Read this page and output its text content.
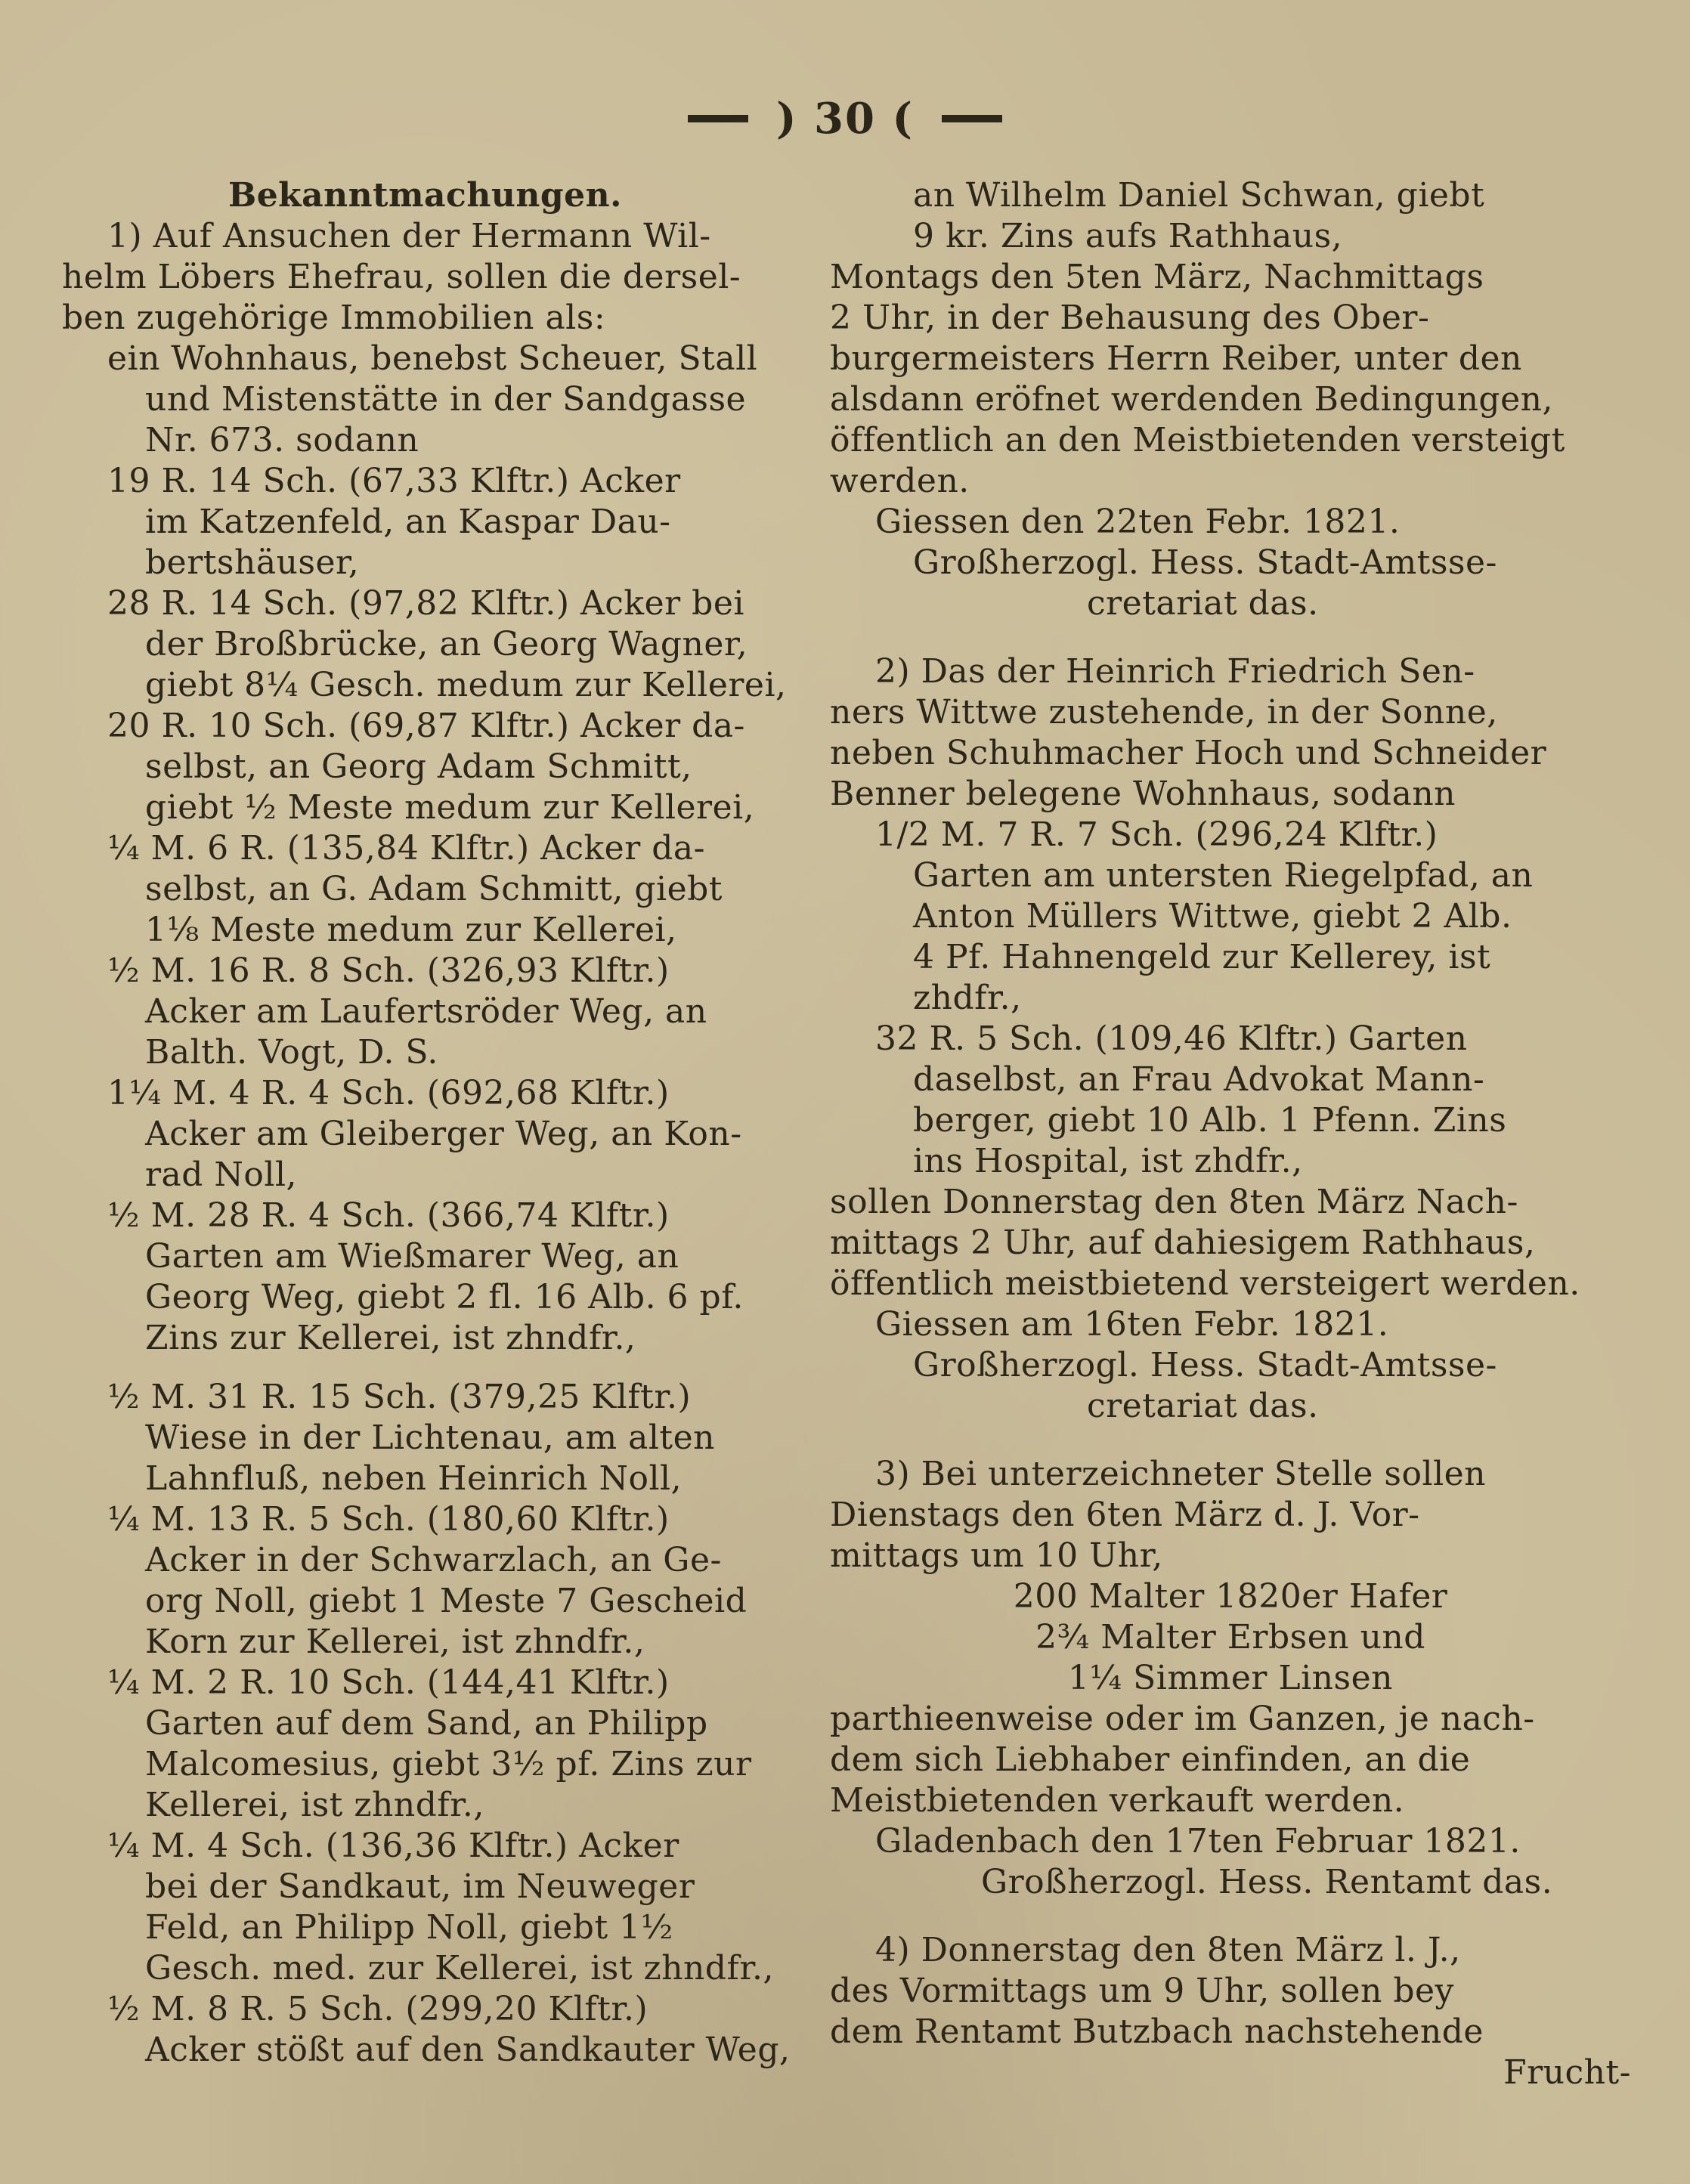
) 30 (
Bekanntmachungen.
1) Auf Ansuchen der Hermann Wil-
helm Löbers Ehefrau, sollen die dersel-
ben zugehörige Immobilien als:
ein Wohnhaus, benebst Scheuer, Stall
und Mistenstätte in der Sandgasse
Nr. 673. sodann
19 R. 14 Sch. (67,33 Klftr.) Acker
im Katzenfeld, an Kaspar Dau-
bertshäuser,
28 R. 14 Sch. (97,82 Klftr.) Acker bei
der Broßbrücke, an Georg Wagner,
giebt 8¼ Gesch. medum zur Kellerei,
20 R. 10 Sch. (69,87 Klftr.) Acker da-
selbst, an Georg Adam Schmitt,
giebt ½ Meste medum zur Kellerei,
¼ M. 6 R. (135,84 Klftr.) Acker da-
selbst, an G. Adam Schmitt, giebt
1⅛ Meste medum zur Kellerei,
½ M. 16 R. 8 Sch. (326,93 Klftr.)
Acker am Laufertsröder Weg, an
Balth. Vogt, D. S.
1¼ M. 4 R. 4 Sch. (692,68 Klftr.)
Acker am Gleiberger Weg, an Kon-
rad Noll,
½ M. 28 R. 4 Sch. (366,74 Klftr.)
Garten am Wießmarer Weg, an
Georg Weg, giebt 2 fl. 16 Alb. 6 pf.
Zins zur Kellerei, ist zhndfr.,
½ M. 31 R. 15 Sch. (379,25 Klftr.)
Wiese in der Lichtenau, am alten
Lahnfluß, neben Heinrich Noll,
¼ M. 13 R. 5 Sch. (180,60 Klftr.)
Acker in der Schwarzlach, an Ge-
org Noll, giebt 1 Meste 7 Gescheid
Korn zur Kellerei, ist zhndfr.,
¼ M. 2 R. 10 Sch. (144,41 Klftr.)
Garten auf dem Sand, an Philipp
Malcomesius, giebt 3½ pf. Zins zur
Kellerei, ist zhndfr.,
¼ M. 4 Sch. (136,36 Klftr.) Acker
bei der Sandkaut, im Neuweger
Feld, an Philipp Noll, giebt 1½
Gesch. med. zur Kellerei, ist zhndfr.,
½ M. 8 R. 5 Sch. (299,20 Klftr.)
Acker stößt auf den Sandkauter Weg,
an Wilhelm Daniel Schwan, giebt
9 kr. Zins aufs Rathhaus,
Montags den 5ten März, Nachmittags
2 Uhr, in der Behausung des Ober-
burgermeisters Herrn Reiber, unter den
alsdann eröfnet werdenden Bedingungen,
öffentlich an den Meistbietenden versteigt
werden.
Giessen den 22ten Febr. 1821.
Großherzogl. Hess. Stadt-Amtsse-
cretariat das.
2) Das der Heinrich Friedrich Sen-
ners Wittwe zustehende, in der Sonne,
neben Schuhmacher Hoch und Schneider
Benner belegene Wohnhaus, sodann
1/2 M. 7 R. 7 Sch. (296,24 Klftr.)
Garten am untersten Riegelpfad, an
Anton Müllers Wittwe, giebt 2 Alb.
4 Pf. Hahnengeld zur Kellerey, ist
zhdfr.,
32 R. 5 Sch. (109,46 Klftr.) Garten
daselbst, an Frau Advokat Mann-
berger, giebt 10 Alb. 1 Pfenn. Zins
ins Hospital, ist zhdfr.,
sollen Donnerstag den 8ten März Nach-
mittags 2 Uhr, auf dahiesigem Rathhaus,
öffentlich meistbietend versteigert werden.
Giessen am 16ten Febr. 1821.
Großherzogl. Hess. Stadt-Amtsse-
cretariat das.
3) Bei unterzeichneter Stelle sollen
Dienstags den 6ten März d. J. Vor-
mittags um 10 Uhr,
200 Malter 1820er Hafer
2¾ Malter Erbsen und
1¼ Simmer Linsen
parthieenweise oder im Ganzen, je nach-
dem sich Liebhaber einfinden, an die
Meistbietenden verkauft werden.
Gladenbach den 17ten Februar 1821.
Großherzogl. Hess. Rentamt das.
4) Donnerstag den 8ten März l. J.,
des Vormittags um 9 Uhr, sollen bey
dem Rentamt Butzbach nachstehende
Frucht-
